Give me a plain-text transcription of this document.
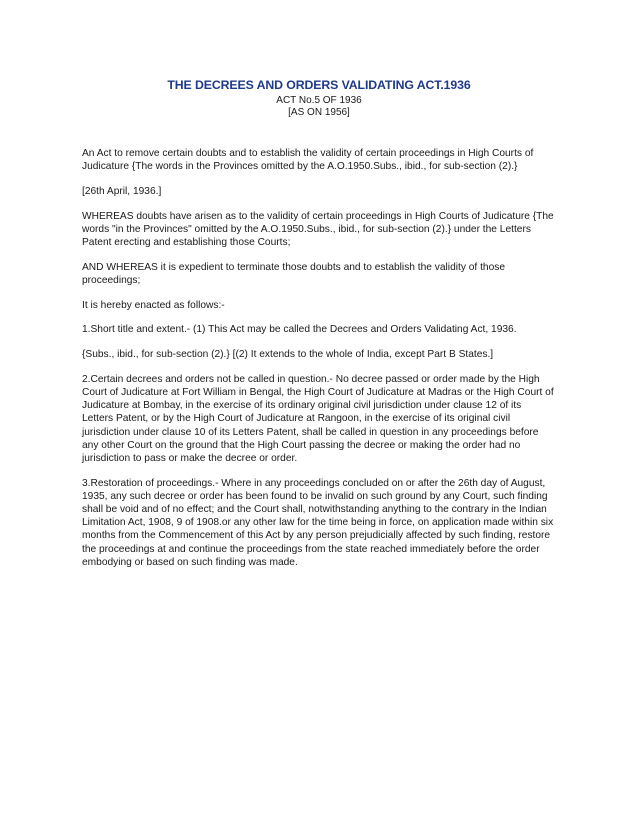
THE DECREES AND ORDERS VALIDATING ACT.1936

ACT No.5 OF 1936

[AS ON 1956]

An Act to remove certain doubts and to establish the validity of certain proceedings in High Courts of Judicature {The words in the Provinces omitted by the A.O.1950.Subs., ibid., for sub-section (2).}

[26th April, 1936.]

WHEREAS doubts have arisen as to the validity of certain proceedings in High Courts of Judicature {The words "in the Provinces" omitted by the A.O.1950.Subs., ibid., for sub-section (2).} under the Letters Patent erecting and establishing those Courts;

AND WHEREAS it is expedient to terminate those doubts and to establish the validity of those proceedings;

It is hereby enacted as follows:-

1.Short title and extent.- (1) This Act may be called the Decrees and Orders Validating Act, 1936.

{Subs., ibid., for sub-section (2).} [(2) It extends to the whole of India, except Part B States.]

2.Certain decrees and orders not be called in question.- No decree passed or order made by the High Court of Judicature at Fort William in Bengal, the High Court of Judicature at Madras or the High Court of Judicature at Bombay, in the exercise of its ordinary original civil jurisdiction under clause 12 of its Letters Patent, or by the High Court of Judicature at Rangoon, in the exercise of its original civil jurisdiction under clause 10 of its Letters Patent, shall be called in question in any proceedings before any other Court on the ground that the High Court passing the decree or making the order had no jurisdiction to pass or make the decree or order.

3.Restoration of proceedings.- Where in any proceedings concluded on or after the 26th day of August, 1935, any such decree or order has been found to be invalid on such ground by any Court, such finding shall be void and of no effect; and the Court shall, notwithstanding anything to the contrary in the Indian Limitation Act, 1908, 9 of 1908.or any other law for the time being in force, on application made within six months from the Commencement of this Act by any person prejudicially affected by such finding, restore the proceedings at and continue the proceedings from the state reached immediately before the order embodying or based on such finding was made.
